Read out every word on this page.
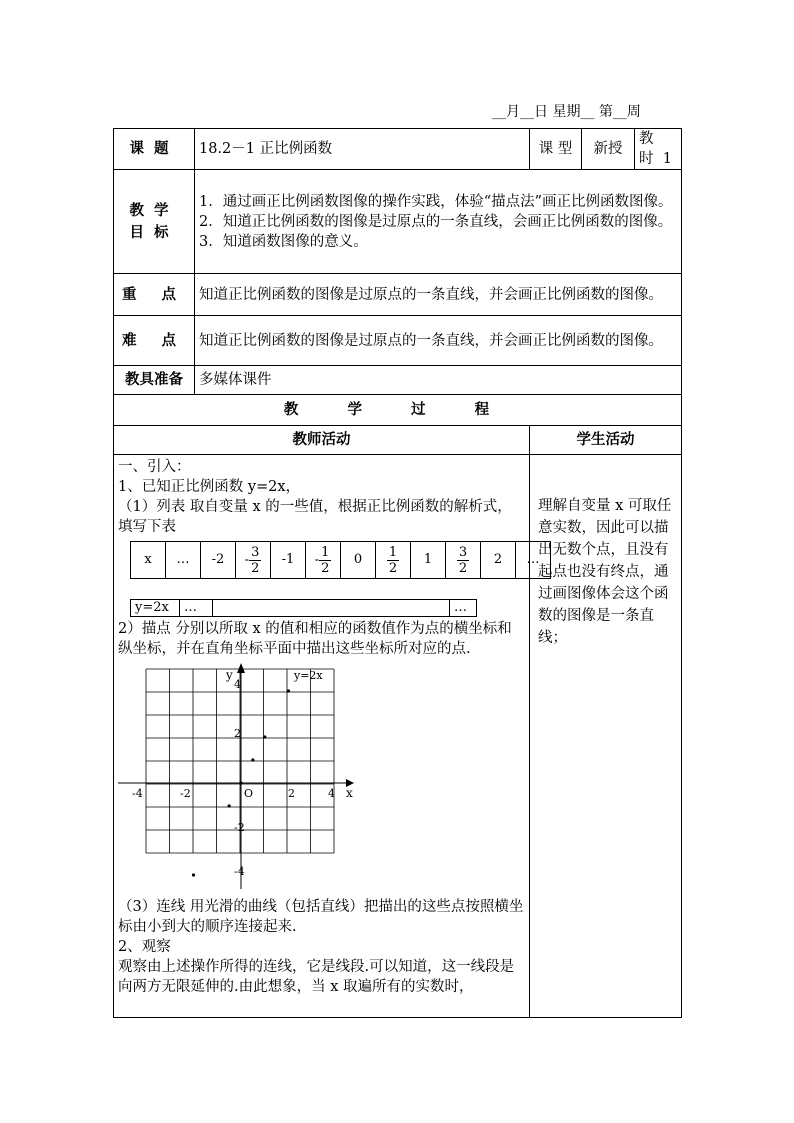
__月__日 星期__ 第__周
课题	18.2－1 正比例函数	课 型	新授	教 时 1
教学目标	
1．通过画正比例函数图像的操作实践，体验“描点法”画正比例函数图像。
2．知道正比例函数的图像是过原点的一条直线，会画正比例函数的图像。
3．知道函数图像的意义。

重 点	知道正比例函数的图像是过原点的一条直线，并会画正比例函数的图像。
难 点	知道正比例函数的图像是过原点的一条直线，并会画正比例函数的图像。
教具准备	多媒体课件
教 学 过 程
教师活动	学生活动

一、引入：

1、已知正比例函数 y=2x，

（1）列表 取自变量 x 的一些值，根据正比例函数的解析式，填写下表

x	…	-2	- $\frac{3}{2}$	-1	- $\frac{1}{2}$	0	$\frac{1}{2}$	1	$\frac{3}{2}$	2	…
y=2x	…		…

2）描点 分别以所取 x 的值和相应的函数值作为点的横坐标和纵坐标，并在直角坐标平面中描出这些坐标所对应的点.

y
x
y=2x
O
-4	-2	2	4
4
2
-2
-4

（3）连线 用光滑的曲线（包括直线）把描出的这些点按照横坐标由小到大的顺序连接起来.

2、观察

观察由上述操作所得的连线，它是线段.可以知道，这一线段是向两方无限延伸的.由此想象，当 x 取遍所有的实数时，

	理解自变量 x 可取任意实数，因此可以描出无数个点，且没有起点也没有终点，通过画图像体会这个函数的图像是一条直线；
